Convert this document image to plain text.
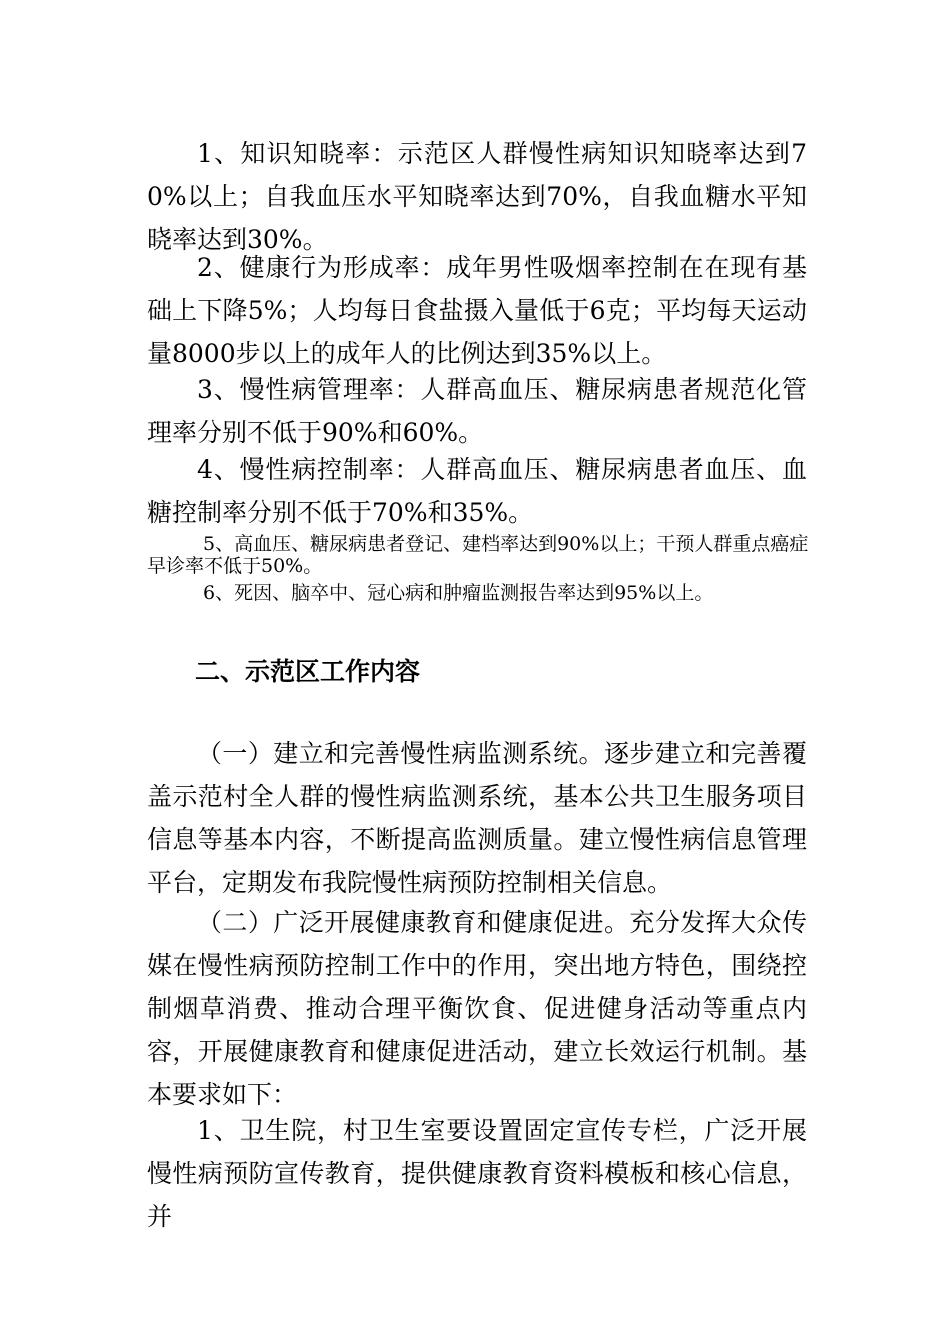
1、知识知晓率：示范区人群慢性病知识知晓率达到70%以上；自我血压水平知晓率达到70%，自我血糖水平知晓率达到30%。

2、健康行为形成率：成年男性吸烟率控制在在现有基础上下降5%；人均每日食盐摄入量低于6克；平均每天运动量8000步以上的成年人的比例达到35%以上。

3、慢性病管理率：人群高血压、糖尿病患者规范化管理率分别不低于90%和60%。

4、慢性病控制率：人群高血压、糖尿病患者血压、血糖控制率分别不低于70%和35%。

5、高血压、糖尿病患者登记、建档率达到90%以上；干预人群重点癌症早诊率不低于50%。

6、死因、脑卒中、冠心病和肿瘤监测报告率达到95%以上。

二、示范区工作内容

（一）建立和完善慢性病监测系统。逐步建立和完善覆盖示范村全人群的慢性病监测系统，基本公共卫生服务项目信息等基本内容，不断提高监测质量。建立慢性病信息管理平台，定期发布我院慢性病预防控制相关信息。

（二）广泛开展健康教育和健康促进。充分发挥大众传媒在慢性病预防控制工作中的作用，突出地方特色，围绕控制烟草消费、推动合理平衡饮食、促进健身活动等重点内容，开展健康教育和健康促进活动，建立长效运行机制。基本要求如下：

1、卫生院，村卫生室要设置固定宣传专栏，广泛开展慢性病预防宣传教育，提供健康教育资料模板和核心信息，并
